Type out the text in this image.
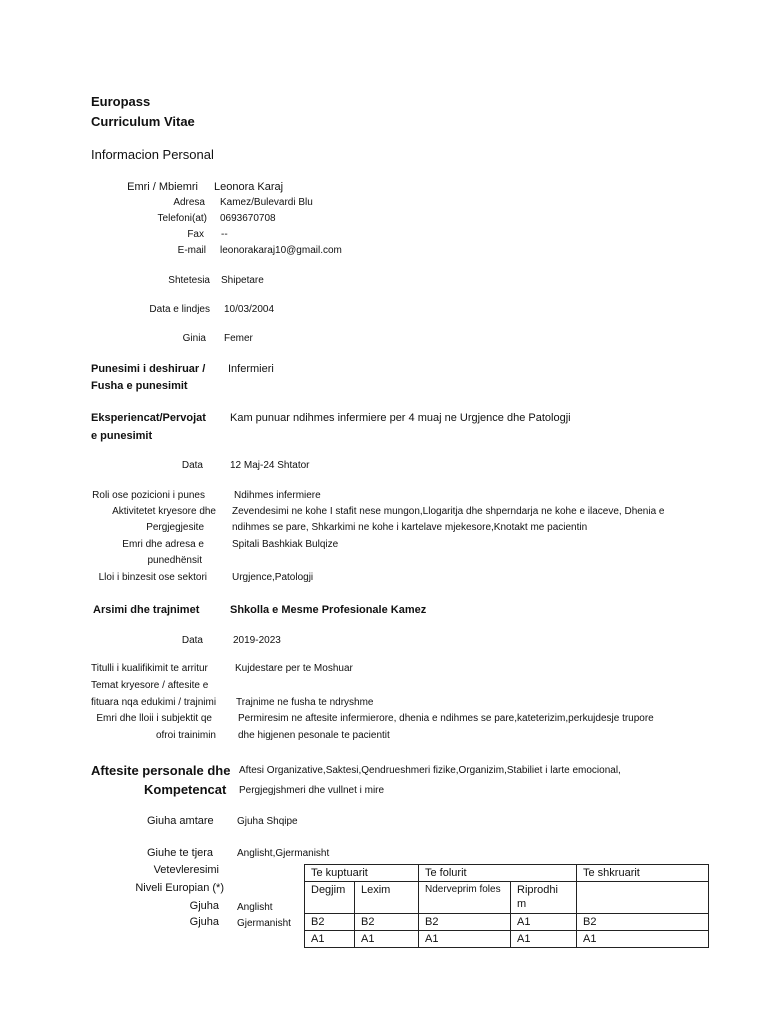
Europass
Curriculum Vitae
Informacion Personal
Emri / Mbiemri Leonora Karaj
Adresa Kamez/Bulevardi Blu
Telefoni(at) 0693670708
Fax --
E-mail leonorakaraj10@gmail.com
Shtetesia Shipetare
Data e lindjes 10/03/2004
Ginia Femer
Punesimi i deshiruar /
Fusha e punesimit
Infermieri
Eksperiencat/Pervojat
e punesimit
Kam punuar ndihmes infermiere per 4 muaj ne Urgjence dhe Patologji
Data	12 Maj-24 Shtator
Roli ose pozicioni i punes	Ndihmes infermiere
Aktivitetet kryesore dhe
Pergjegjesite
Zevendesimi ne kohe I stafit nese mungon,Llogaritja dhe shperndarja ne kohe e ilaceve, Dhenia e
ndihmes se pare, Shkarkimi ne kohe i kartelave mjekesore,Knotakt me pacientin
Emri dhe adresa e
punedhënsit
Spitali Bashkiak Bulqize
Lloi i binzesit ose sektori	Urgjence,Patologji
Arsimi dhe trajnimet	Shkolla e Mesme Profesionale Kamez
Data	2019-2023
Titulli i kualifikimit te arritur	Kujdestare per te Moshuar
Temat kryesore / aftesite e
fituara nqa edukimi / trajnimi Trajnime ne fusha te ndryshme
Emri dhe lloii i subjektit qe
ofroi trainimin
Permiresim ne aftesite infermierore, dhenia e ndihmes se pare,kateterizim,perkujdesje trupore
dhe higjenen pesonale te pacientit
Aftesite personale dhe
Kompetencat
Aftesi Organizative,Saktesi,Qendrueshmeri fizike,Organizim,Stabiliet i larte emocional,
Pergjegjshmeri dhe vullnet i mire
Giuha amtare Gjuha Shqipe
Giuhe te tjera Anglisht,Gjermanisht
Vetevleresimi
Niveli Europian (*)
Gjuha Anglisht
Gjuha Gjermanisht
Te kuptuarit		Te folurit		Te shkruarit
Degjim	Lexim	Nderveprim foles	Riprodhi m	
B2	B2	B2	A1	B2
A1	A1	A1	A1	A1
